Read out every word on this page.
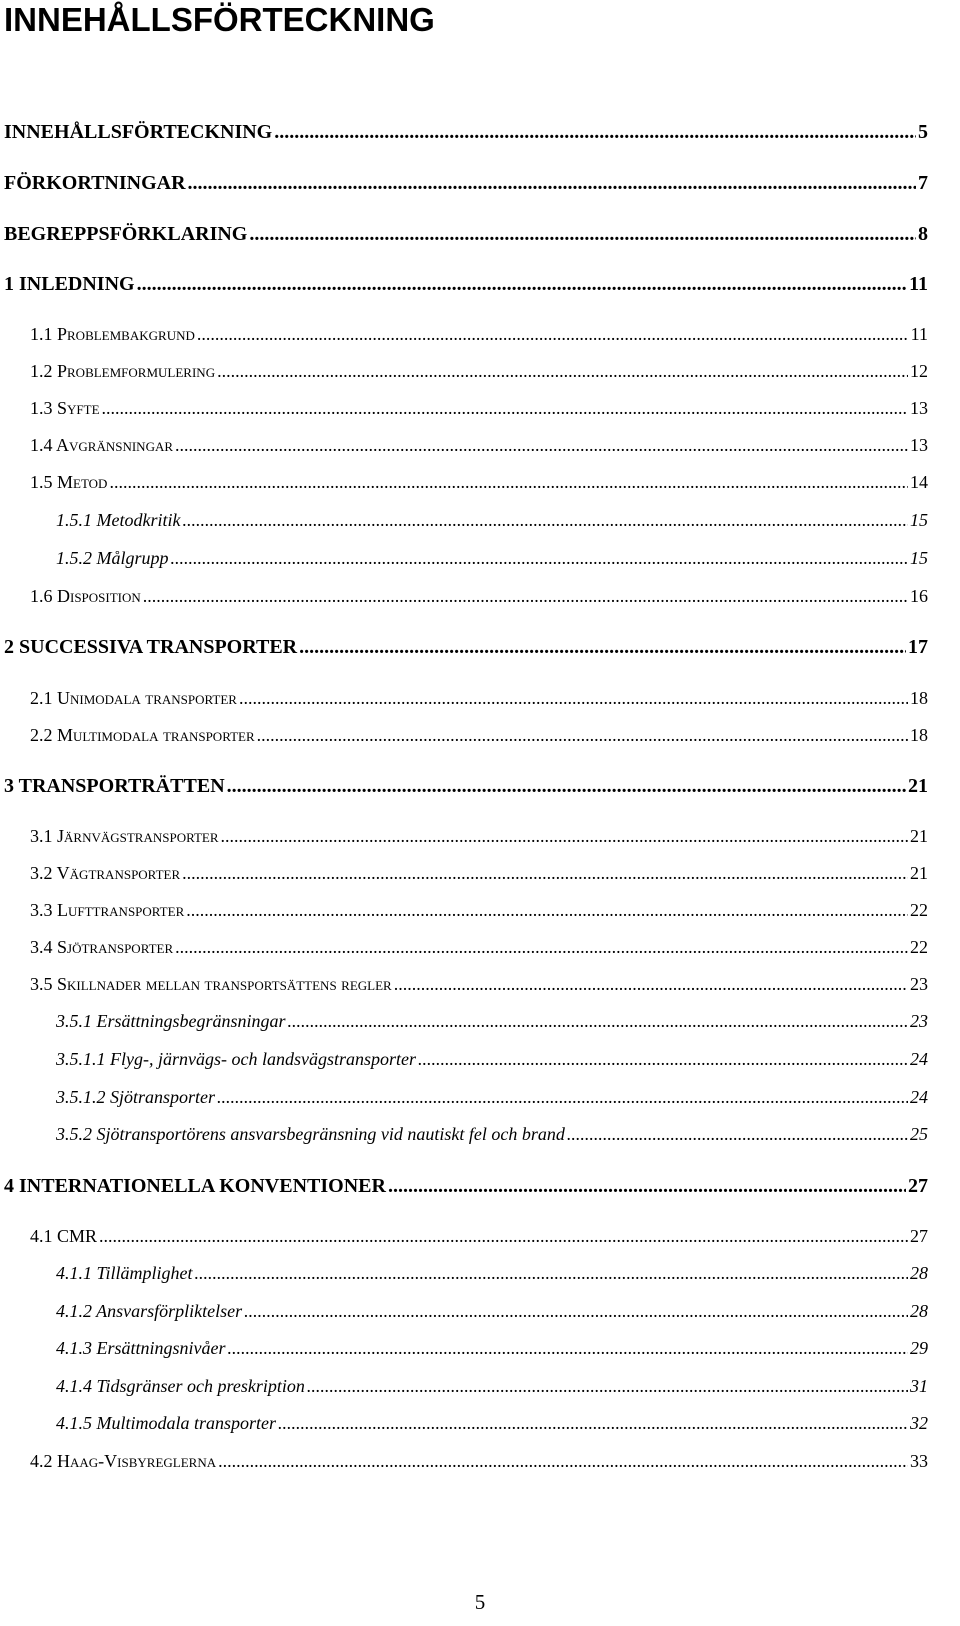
INNEHÅLLSFÖRTECKNING
INNEHÅLLSFÖRTECKNING .....	5
FÖRKORTNINGAR .....	7
BEGREPPSFÖRKLARING .....	8
1 INLEDNING .....	11
1.1 Problembakgrund .....	11
1.2 Problemformulering .....	12
1.3 Syfte .....	13
1.4 Avgränsningar .....	13
1.5 Metod .....	14
1.5.1 Metodkritik .....	15
1.5.2 Målgrupp .....	15
1.6 Disposition .....	16
2 SUCCESSIVA TRANSPORTER .....	17
2.1 Unimodala transporter .....	18
2.2 Multimodala transporter .....	18
3 TRANSPORTRÄTTEN .....	21
3.1 Järnvägstransporter .....	21
3.2 Vägtransporter .....	21
3.3 Lufttransporter .....	22
3.4 Sjötransporter .....	22
3.5 Skillnader mellan transportsättens regler .....	23
3.5.1 Ersättningsbegränsningar .....	23
3.5.1.1 Flyg-, järnvägs- och landsvägstransporter .....	24
3.5.1.2 Sjötransporter .....	24
3.5.2 Sjötransportörens ansvarsbegränsning vid nautiskt fel och brand .....	25
4 INTERNATIONELLA KONVENTIONER .....	27
4.1 CMR .....	27
4.1.1 Tillämplighet .....	28
4.1.2 Ansvarsförpliktelser .....	28
4.1.3 Ersättningsnivåer .....	29
4.1.4 Tidsgränser och preskription .....	31
4.1.5 Multimodala transporter .....	32
4.2 Haag-Visbyreglerna .....	33
5
